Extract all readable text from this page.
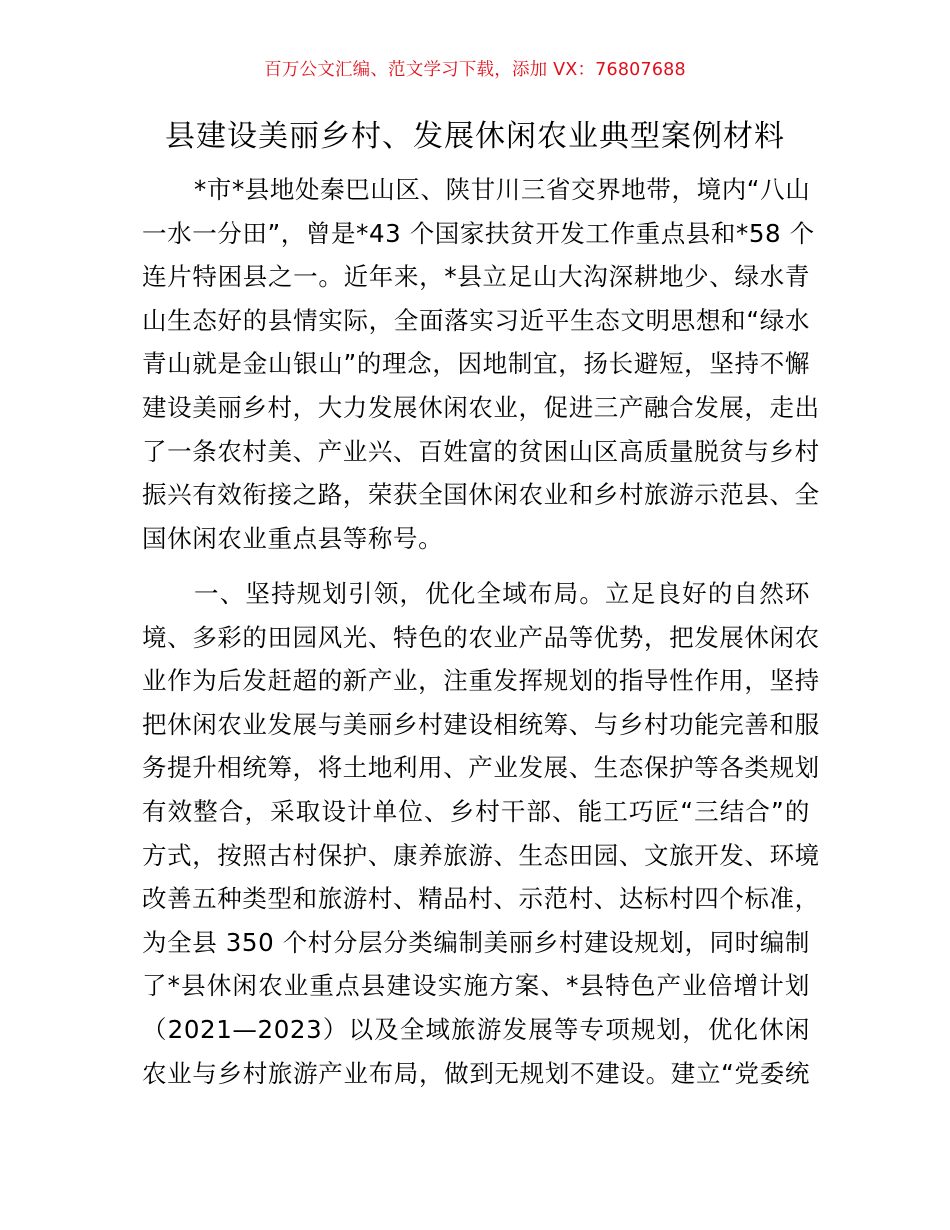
百万公文汇编、范文学习下载，添加 VX：76807688
县建设美丽乡村、发展休闲农业典型案例材料
*市*县地处秦巴山区、陕甘川三省交界地带，境内“八山
一水一分田”，曾是*43 个国家扶贫开发工作重点县和*58 个
连片特困县之一。近年来，*县立足山大沟深耕地少、绿水青
山生态好的县情实际，全面落实习近平生态文明思想和“绿水
青山就是金山银山”的理念，因地制宜，扬长避短，坚持不懈
建设美丽乡村，大力发展休闲农业，促进三产融合发展，走出
了一条农村美、产业兴、百姓富的贫困山区高质量脱贫与乡村
振兴有效衔接之路，荣获全国休闲农业和乡村旅游示范县、全
国休闲农业重点县等称号。
一、坚持规划引领，优化全域布局。立足良好的自然环
境、多彩的田园风光、特色的农业产品等优势，把发展休闲农
业作为后发赶超的新产业，注重发挥规划的指导性作用，坚持
把休闲农业发展与美丽乡村建设相统筹、与乡村功能完善和服
务提升相统筹，将土地利用、产业发展、生态保护等各类规划
有效整合，采取设计单位、乡村干部、能工巧匠“三结合”的
方式，按照古村保护、康养旅游、生态田园、文旅开发、环境
改善五种类型和旅游村、精品村、示范村、达标村四个标准，
为全县 350 个村分层分类编制美丽乡村建设规划，同时编制
了*县休闲农业重点县建设实施方案、*县特色产业倍增计划
（2021—2023）以及全域旅游发展等专项规划，优化休闲
农业与乡村旅游产业布局，做到无规划不建设。建立“党委统
